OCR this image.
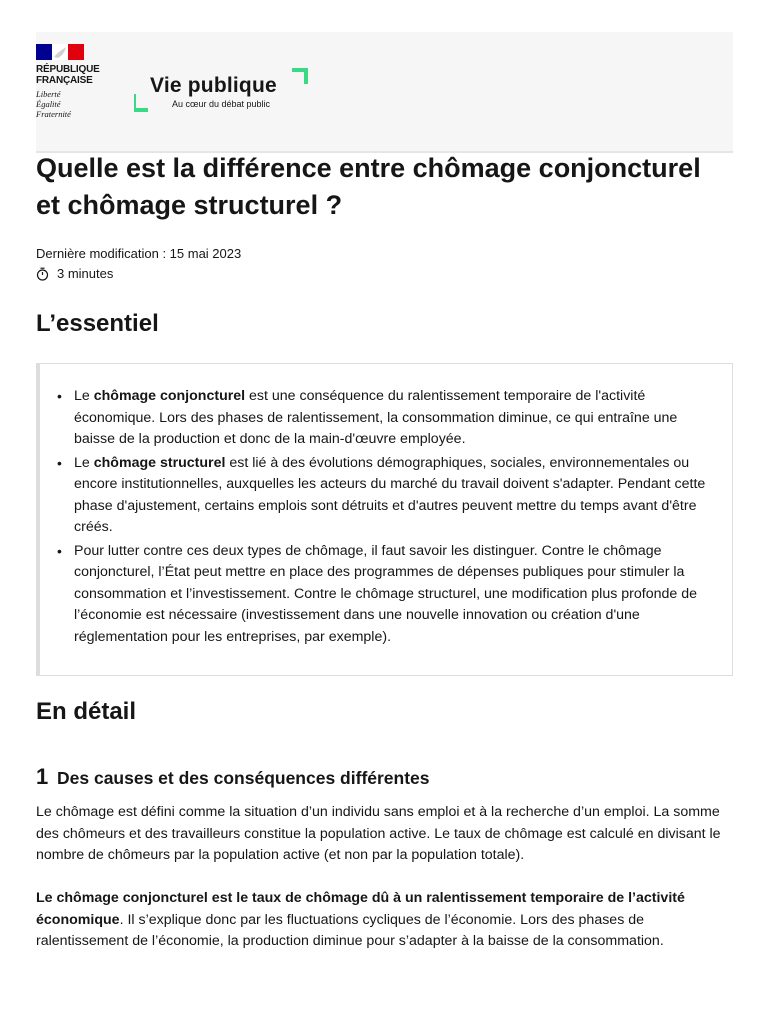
RÉPUBLIQUE
FRANÇAISE
Liberté
Égalité
Fraternité
Vie publique
Au cœur du débat public
Quelle est la différence entre chômage conjoncturel et chômage structurel ?
Dernière modification : 15 mai 2023
3 minutes
L’essentiel
• Le chômage conjoncturel est une conséquence du ralentissement temporaire de l'activité économique. Lors des phases de ralentissement, la consommation diminue, ce qui entraîne une baisse de la production et donc de la main-d'œuvre employée.
• Le chômage structurel est lié à des évolutions démographiques, sociales, environnementales ou encore institutionnelles, auxquelles les acteurs du marché du travail doivent s'adapter. Pendant cette phase d'ajustement, certains emplois sont détruits et d'autres peuvent mettre du temps avant d'être créés.
• Pour lutter contre ces deux types de chômage, il faut savoir les distinguer. Contre le chômage conjoncturel, l’État peut mettre en place des programmes de dépenses publiques pour stimuler la consommation et l’investissement. Contre le chômage structurel, une modification plus profonde de l’économie est nécessaire (investissement dans une nouvelle innovation ou création d'une réglementation pour les entreprises, par exemple).
En détail
1 Des causes et des conséquences différentes

Le chômage est défini comme la situation d’un individu sans emploi et à la recherche d’un emploi. La somme des chômeurs et des travailleurs constitue la population active. Le taux de chômage est calculé en divisant le nombre de chômeurs par la population active (et non par la population totale).

Le chômage conjoncturel est le taux de chômage dû à un ralentissement temporaire de l’activité économique. Il s’explique donc par les fluctuations cycliques de l’économie. Lors des phases de ralentissement de l’économie, la production diminue pour s’adapter à la baisse de la consommation.
